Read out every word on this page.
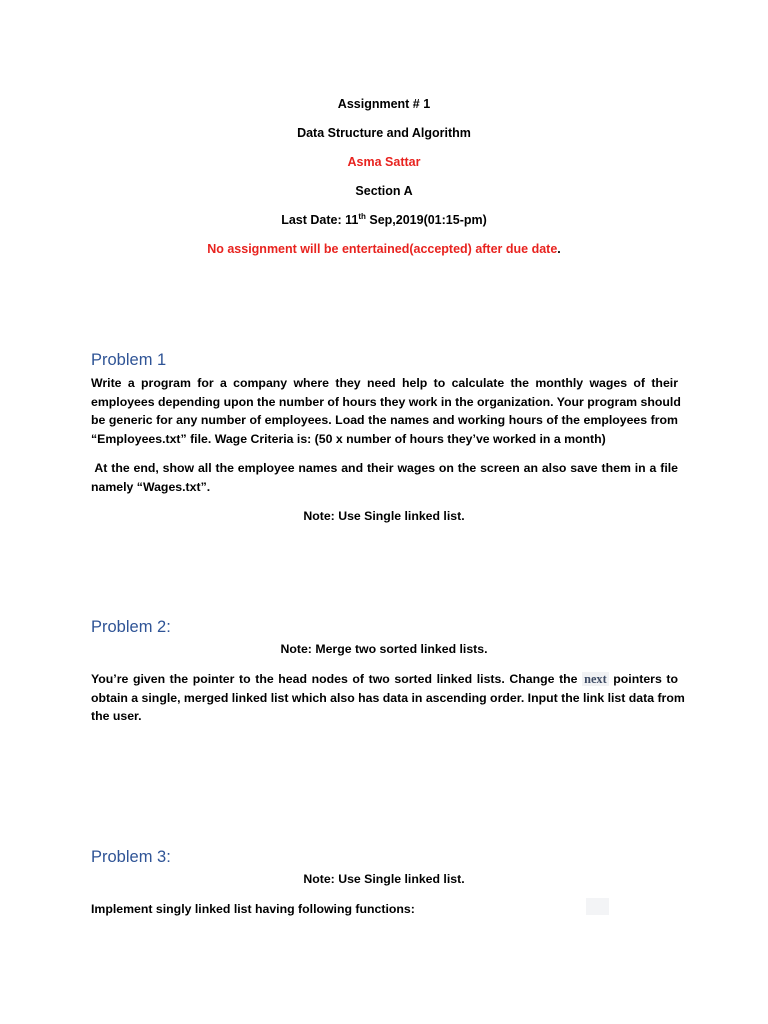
Assignment # 1
Data Structure and Algorithm
Asma Sattar
Section A
Last Date: 11th Sep,2019(01:15-pm)
No assignment will be entertained(accepted) after due date.
Problem 1
Write a program for a company where they need help to calculate the monthly wages of their
employees depending upon the number of hours they work in the organization. Your program should
be generic for any number of employees. Load the names and working hours of the employees from
“Employees.txt” file. Wage Criteria is: (50 x number of hours they’ve worked in a month)
At the end, show all the employee names and their wages on the screen an also save them in a file
namely “Wages.txt”.
Note: Use Single linked list.
Problem 2:
Note: Merge two sorted linked lists.
You’re given the pointer to the head nodes of two sorted linked lists. Change the next pointers to
obtain a single, merged linked list which also has data in ascending order. Input the link list data from
the user.
Problem 3:
Note: Use Single linked list.
Implement singly linked list having following functions:
